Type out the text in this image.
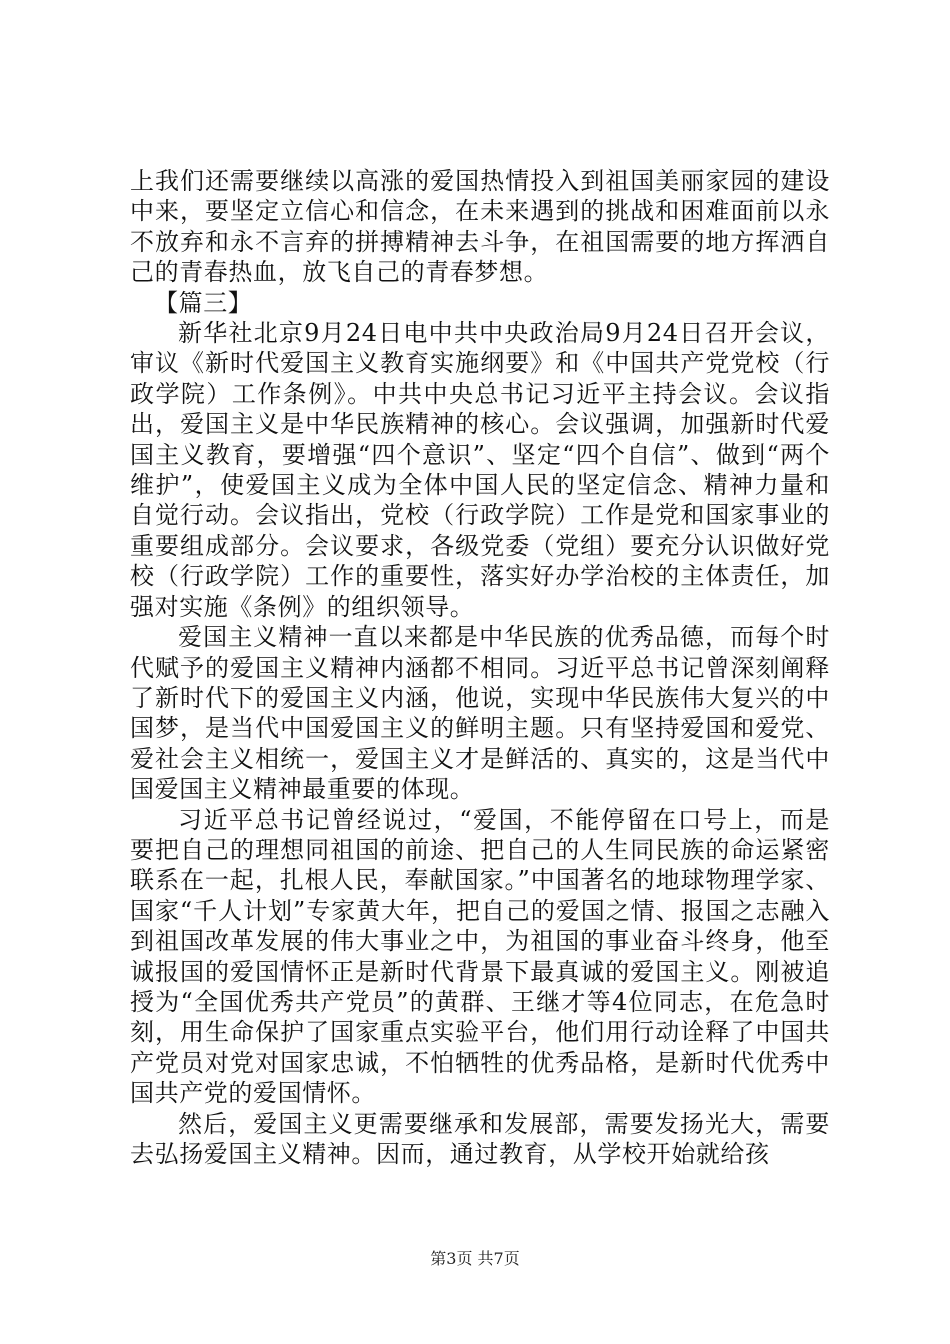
上我们还需要继续以高涨的爱国热情投入到祖国美丽家园的建设中来，要坚定立信心和信念，在未来遇到的挑战和困难面前以永不放弃和永不言弃的拼搏精神去斗争，在祖国需要的地方挥洒自己的青春热血，放飞自己的青春梦想。

【篇三】

新华社北京9月24日电中共中央政治局9月24日召开会议，审议《新时代爱国主义教育实施纲要》和《中国共产党党校（行政学院）工作条例》。中共中央总书记习近平主持会议。会议指出，爱国主义是中华民族精神的核心。会议强调，加强新时代爱国主义教育，要增强“四个意识”、坚定“四个自信”、做到“两个维护”，使爱国主义成为全体中国人民的坚定信念、精神力量和自觉行动。会议指出，党校（行政学院）工作是党和国家事业的重要组成部分。会议要求，各级党委（党组）要充分认识做好党校（行政学院）工作的重要性，落实好办学治校的主体责任，加强对实施《条例》的组织领导。

爱国主义精神一直以来都是中华民族的优秀品德，而每个时代赋予的爱国主义精神内涵都不相同。习近平总书记曾深刻阐释了新时代下的爱国主义内涵，他说，实现中华民族伟大复兴的中国梦，是当代中国爱国主义的鲜明主题。只有坚持爱国和爱党、爱社会主义相统一，爱国主义才是鲜活的、真实的，这是当代中国爱国主义精神最重要的体现。

习近平总书记曾经说过，“爱国，不能停留在口号上，而是要把自己的理想同祖国的前途、把自己的人生同民族的命运紧密联系在一起，扎根人民，奉献国家。”中国著名的地球物理学家、国家“千人计划”专家黄大年，把自己的爱国之情、报国之志融入到祖国改革发展的伟大事业之中，为祖国的事业奋斗终身，他至诚报国的爱国情怀正是新时代背景下最真诚的爱国主义。刚被追授为“全国优秀共产党员”的黄群、王继才等4位同志，在危急时刻，用生命保护了国家重点实验平台，他们用行动诠释了中国共产党员对党对国家忠诚，不怕牺牲的优秀品格，是新时代优秀中国共产党的爱国情怀。

然后，爱国主义更需要继承和发展部，需要发扬光大，需要去弘扬爱国主义精神。因而，通过教育，从学校开始就给孩

第3页 共7页
